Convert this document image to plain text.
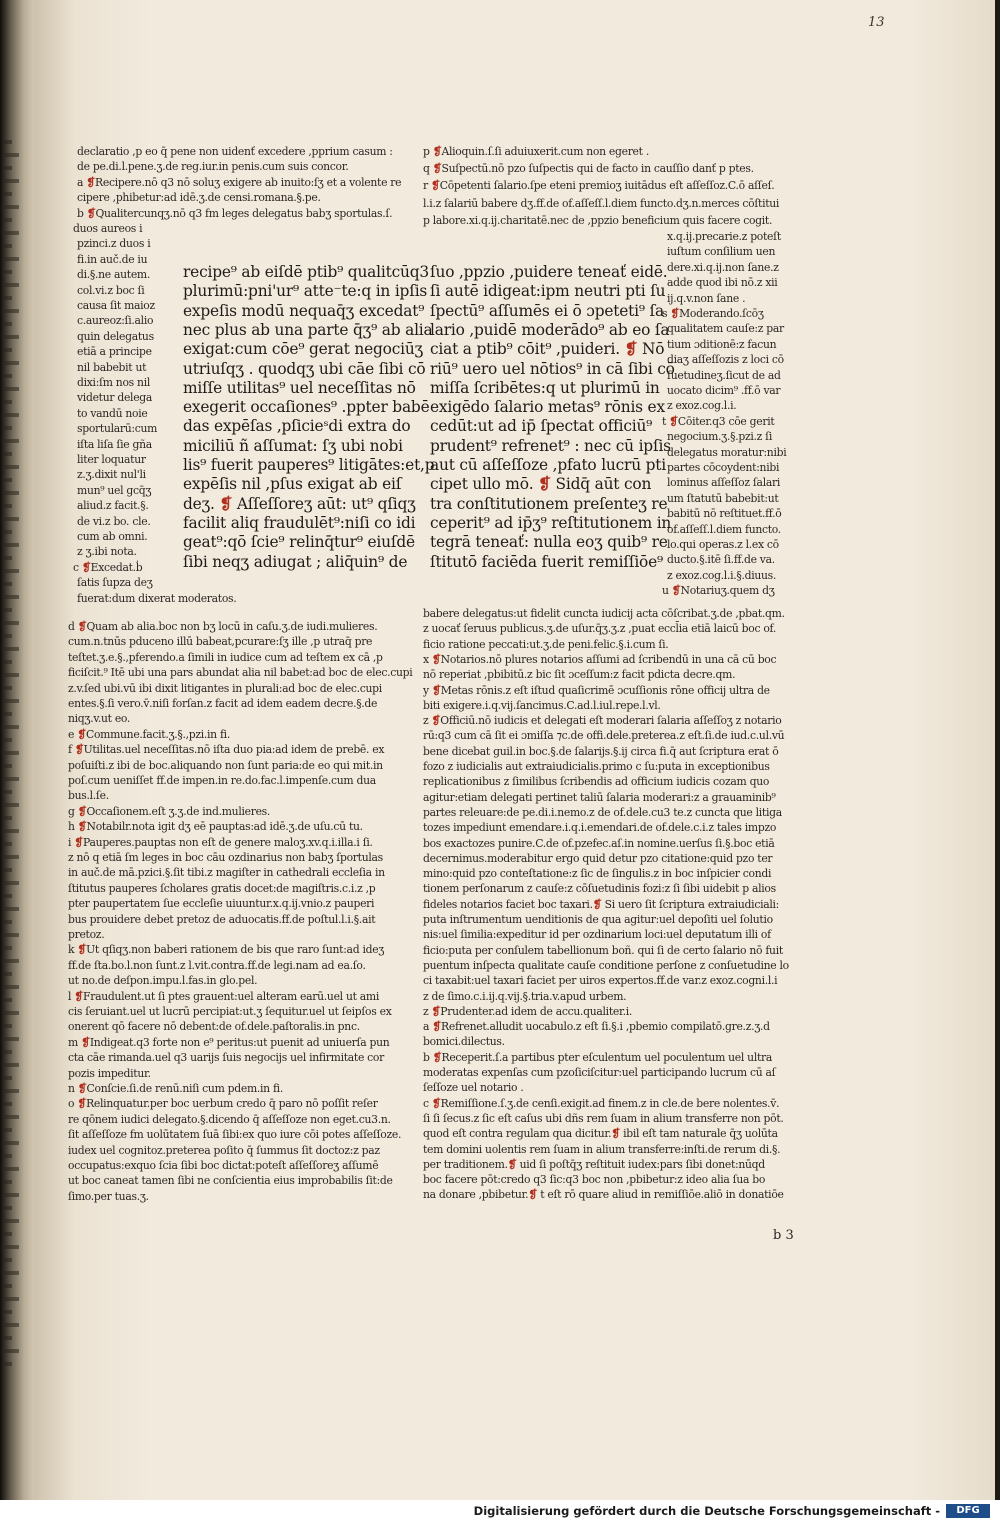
declaratio ,p eo q̄ pene non uidenť excedere ,pprium casum :

de pe.di.l.pene.ʒ.de reg.iur.in penis.cum suis concor.

a ❡Recipere.nō q3 nō soluʒ exigere ab inuito:ſʒ et a volente re

cipere ,phibetur:ad idē.ʒ.de censi.romana.§.pe.

b ❡Qualitercunqʒ.nō q3 fm leges delegatus babʒ sportulas.ſ.

duos aureos i

pzinci.z duos i

fi.in auč.de iu

di.§.ne autem.

col.vi.z boc ſi

causa ſit maioz

c.aureoz:ſi.alio

quin delegatus

etiā a principe

nil babebit ut

dixi:ſm nos nil

videtur delega

to vandū noie

sportularū:cum

iſta liſa ſie gña

liter loquatur

z.ʒ.dixit nul'li

mun⁹ uel gcq̄ʒ

aliud.z facit.§.

de vi.z bo. cle.

cum ab omni.

z ʒ.ibi nota.

c ❡Excedat.ḃ

ſatis ſupza deʒ

fuerat:dum dixerat moderatos.

recipe⁹ ab eiſdē ptib⁹ qualitcūq3

plurimū:pni'ur⁹ atte⁻te:q in ipſis

expeſis modū nequaq̄ʒ excedat⁹

nec plus ab una parte q̄ʒ⁹ ab alia

exigat:cum cōe⁹ gerat negociūʒ

utriuſqʒ . quodqʒ ubi cāe ſibi cō

miſſe utilitas⁹ uel neceſſitas nō

exegerit occaſiones⁹ .ppter babē

das expēſas ,pſicieˢdi extra do

miciliū ñ aſſumat: ſʒ ubi nobi

lis⁹ fuerit pauperes⁹ litigātes:et,p

expēſis nil ,pſus exigat ab eiſ

deʒ. ❡ Aſſeſſoreʒ aūt: ut⁹ qſiqʒ

facilit aliq fraudulēt⁹:niſi co idi

geat⁹:qō ſcie⁹ relinq̄tur⁹ eiuſdē

ſibi neqʒ adiugat ; aliq̄uin⁹ de

ſuo ,ppzio ,puidere teneať eidē.

ſi autē idigeat:ipm neutri pti ſu

ſpectū⁹ aſſumēs ei ō ɔpeteti⁹ ſa

lario ,puidē moderādo⁹ ab eo ſa

ciat a ptib⁹ cōit⁹ ,puideri. ❡ Nō

riū⁹ uero uel nōtios⁹ in cā ſibi cō

miſſa ſcribētes:q ut plurimū in

exigēdo ſalario metas⁹ rōnis ex

cedūt:ut ad ip̄ ſpectat officiū⁹

prudent⁹ refrenet⁹ : nec cū ipſis

aut cū aſſeſſoze ,pfato lucrū pti

cipet ullo mō. ❡ Sidq̄ aūt con

tra conſtitutionem preſenteʒ re

ceperit⁹ ad ip̄ʒ⁹ reſtitutionem in

tegrā teneať: nulla eoʒ quib⁹ re

ſtitutō faciēda fuerit remiſſiōe⁹

p ❡Alioquin.ſ.ſi aduiuxerit.cum non egeret .

q ❡Suſpectū.nō pzo ſuſpectis qui de facto in cauſſio danť p ptes.

r ❡Cōpetenti ſalario.ſpe eteni premioʒ iuitādus eſt aſſeſſoz.C.ō aſſeſ.

l.i.z ſalariū babere dʒ.ff.de of.aſſeſſ.l.diem functo.dʒ.n.merces cōſtitui

p labore.xi.q.ij.charitatē.nec de ,ppzio beneficium quis facere cogit.

x.q.ij.precarie.z poteſt

iuſtum conſilium uen

dere.xi.q.ij.non ſane.z

adde quod ibi nō.z xii

ij.q.v.non ſane .

s ❡Moderando.ſcōʒ

qualitatem cauſe:z par

tium ɔditionē:z facun

diaʒ aſſeſſozis z loci cō

ſuetudineʒ.ſicut de ad

uocato dicim⁹ .ff.ō var

z exoz.cog.l.i.

t ❡Cōiter.q3 cōe gerit

negocium.ʒ.§.pzi.z ſi

delegatus moratur:nibi

partes cōcoydent:nibi

lominus aſſeſſoz ſalari

um ſtatutū babebit:ut

babitū nō reſtituet.ff.ō

of.aſſeſſ.l.diem functo.

lo.qui operas.z l.ex cō

ducto.§.itē ſi.ff.de va.

z exoz.cog.l.i.§.diuus.

u ❡Notariuʒ.quem dʒ

d ❡Quam ab alia.boc non bʒ locū in caſu.ʒ.de iudi.mulieres.

cum.n.tnūs pduceno illū babeat,pcurare:ſʒ ille ,p utraq̄ pre

teſtet.ʒ.e.§.,pferendo.a ſimili in iudice cum ad teſtem ex cā ,p

ficiſcit.⁹ Itē ubi una pars abundat alia nil babet:ad boc de elec.cupi

z.v.ſed ubi.vū ibi dixit litigantes in plurali:ad boc de elec.cupi

entes.§.ſi vero.v̄.niſi forſan.z facit ad idem eadem decre.§.de

niqʒ.v.ut eo.

e ❡Commune.facit.ʒ.§.,pzi.in fi.

f ❡Utilitas.uel neceſſitas.nō iſta duo pia:ad idem de prebē. ex

poſuiſti.z ibi de boc.aliquando non ſunt paria:de eo qui mit.in

poſ.cum ueniſſet ff.de impen.in re.do.fac.l.impenſe.cum dua

bus.l.ſe.

g ❡Occaſionem.eſt ʒ.ʒ.de ind.mulieres.

h ❡Notabilr.nota igit dʒ eē pauptas:ad idē.ʒ.de uſu.cū tu.

i ❡Pauperes.pauptas non eſt de genere maloʒ.xv.q.i.illa.i ſi.

z nō q etiā ſm leges in boc cāu ozdinarius non babʒ ſportulas

in auč.de mā.pzici.§.ſit tibi.z magiſter in cathedrali eccleſia in

ſtitutus pauperes ſcholares gratis docet:de magiſtris.c.i.z ,p

pter paupertatem ſue eccleſie uiuuntur.x.q.ij.vnio.z pauperi

bus prouidere debet pretoz de aduocatis.ff.de poſtul.l.i.§.ait

pretoz.

k ❡Ut qſiqʒ.non baberi rationem de bis que raro ſunt:ad ideʒ

ff.de ſta.bo.l.non ſunt.z l.vit.contra.ff.de legi.nam ad ea.ſo.

ut no.de deſpon.impu.l.fas.in glo.pel.

l ❡Fraudulent.ut ſi ptes grauent:uel alteram earū.uel ut ami

cis ſeruiant.uel ut lucrū percipiat:ut.ʒ ſequitur.uel ut ſeipſos ex

onerent qō facere nō debent:de of.dele.paſtoralis.in pnc.

m ❡Indigeat.q3 forte non e⁹ peritus:ut puenit ad uniuerſa pun

cta cāe rimanda.uel q3 uarijs ſuis negocijs uel infirmitate cor

pozis impeditur.

n ❡Conſcie.ſi.de renū.niſi cum pdem.in fi.

o ❡Relinquatur.per boc uerbum credo q̄ paro nō poſſit reſer

re qōnem iudici delegato.§.dicendo q̄ aſſeſſoze non eget.cu3.n.

ſit aſſeſſoze fm uolūtatem ſuā ſibi:ex quo iure cōi potes aſſeſſoze.

iudex uel cognitoz.preterea poſito q̄ ſummus ſit doctoz:z paz

occupatus:exquo ſcia ſibi boc dictat:poteſt aſſeſſoreʒ aſſumē

ut boc caneat tamen ſibi ne conſcientia eius improbabilis ſit:de

ſimo.per tuas.ʒ.

babere delegatus:ut fidelit cuncta iudicij acta cōſcribat.ʒ.de ,pbat.qm.

z uocať ſeruus publicus.ʒ.de uſur.q̄ʒ.ʒ.z ,puat eccl̄ia etiā laicū boc of.

ficio ratione peccati:ut.ʒ.de peni.felic.§.i.cum ſi.

x ❡Notarios.nō plures notarios aſſumi ad ſcribendū in una cā cū boc

nō reperiat ,pbibitū.z bic ſit ɔceſſum:z facit pdicta decre.qm.

y ❡Metas rōnis.z eſt iſtud quaſicrimē ɔcuſſionis rōne officij ultra de

biti exigere.i.q.vij.ſancimus.C.ad.l.iul.repe.l.vl.

z ❡Officiū.nō iudicis et delegati eſt moderari ſalaria aſſeſſoʒ z notario

rū:q3 cum cā ſit ei ɔmiſſa ⁊c.de offi.dele.preterea.z eſt.ſi.de iud.c.ul.vū

bene dicebat guil.in boc.§.de ſalarijs.§.ij circa fi.q̄ aut ſcriptura erat ō

fozo z iudicialis aut extraiudicialis.primo c ſu:puta in exceptionibus

replicationibus z ſimilibus ſcribendis ad officium iudicis cozam quo

agitur:etiam delegati pertinet taliū ſalaria moderari:z a grauaminib⁹

partes releuare:de pe.di.i.nemo.z de of.dele.cu3 te.z cuncta que litiga

tozes impediunt emendare.i.q.i.emendari.de of.dele.c.i.z tales impzo

bos exactozes punire.C.de of.pzefec.aſ.in nomine.uerſus ſi.§.boc etiā

decernimus.moderabitur ergo quid detur pzo citatione:quid pzo ter

mino:quid pzo conteſtatione:z ſic de ſingulis.z in boc inſpicier condi

tionem perſonarum z cauſe:z cōſuetudinis fozi:z ſi ſibi uidebit p alios

fideles notarios faciet boc taxari.❡ Si uero ſit ſcriptura extraiudiciali:

puta inſtrumentum uenditionis de qua agitur:uel depoſiti uel ſolutio

nis:uel ſimilia:expeditur id per ozdinarium loci:uel deputatum illi of

ficio:puta per conſulem tabellionum boñ. qui ſi de certo ſalario nō fuit

puentum inſpecta qualitate cauſe conditione perſone z conſuetudine lo

ci taxabit:uel taxari faciet per uiros expertos.ff.de var.z exoz.cogni.l.i

z de ſimo.c.i.ij.q.vij.§.tria.v.apud urbem.

z ❡Prudenter.ad idem de accu.qualiter.i.

a ❡Refrenet.alludit uocabulo.z eſt ſi.§.i ,pbemio compilatō.gre.z.ʒ.d

bomici.dilectus.

b ❡Receperit.ſ.a partibus pter eſculentum uel poculentum uel ultra

moderatas expenſas cum pzoſiciſcitur:uel participando lucrum cū aſ

ſeſſoze uel notario .

c ❡Remiſſione.ſ.ʒ.de cenſi.exigit.ad finem.z in cle.de bere nolentes.v̄.

ſi ſi ſecus.z ſic eſt caſus ubi dñs rem ſuam in alium transferre non pōt.

quod eſt contra regulam qua dicitur.❡ ibil eſt tam naturale q̄ʒ uolūta

tem domini uolentis rem ſuam in alium transferre:inſti.de rerum di.§.

per traditionem.❡ uid ſi poſtq̄ʒ reſtituit iudex:pars ſibi donet:nūqd

boc facere pōt:credo q3 ſic:q3 boc non ,pbibetur:z ideo alia ſua bo

na donare ,pbibetur.❡ t eſt rō quare aliud in remiſſiōe.aliō in donatiōe

13
b 3
Digitalisierung gefördert durch die Deutsche Forschungsgemeinschaft -	DFG
